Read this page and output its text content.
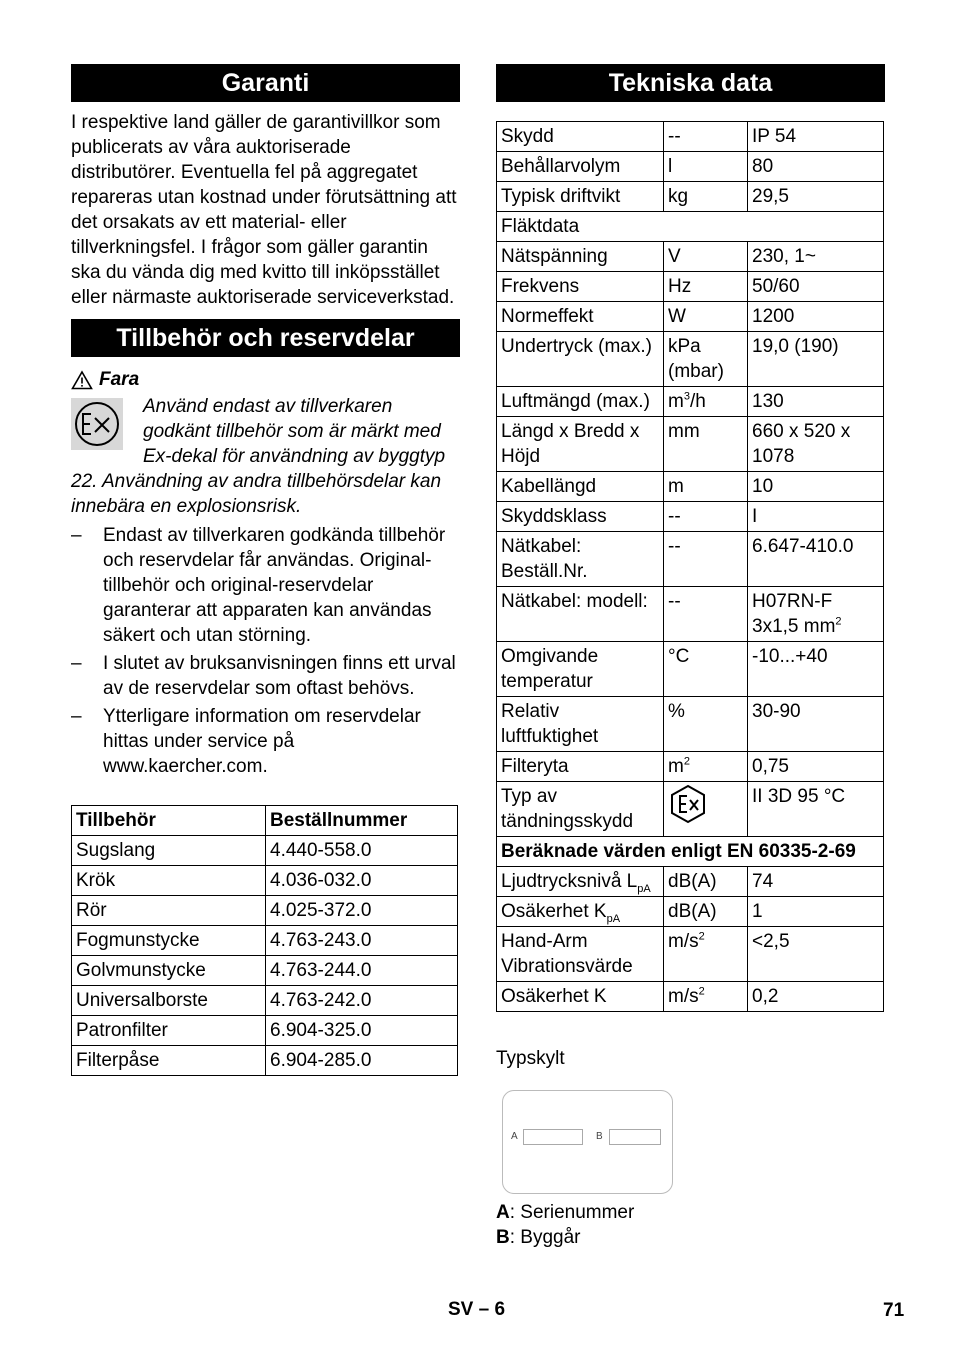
Garanti

I respektive land gäller de garantivillkor som publicerats av våra auktoriserade distributörer. Eventuella fel på aggregatet repareras utan kostnad under förutsättning att det orsakats av ett material- eller tillverkningsfel. I frågor som gäller garantin ska du vända dig med kvitto till inköpsstället eller närmaste auktoriserade serviceverkstad.

Tillbehör och reservdelar
Fara

Använd endast av tillverkaren godkänt tillbehör som är märkt med Ex-dekal för användning av byggtyp

22. Användning av andra tillbehörsdelar kan innebära en explosionsrisk.

– Endast av tillverkaren godkända tillbehör och reservdelar får användas. Original-tillbehör och original-reservdelar garanterar att apparaten kan användas säkert och utan störning.
– I slutet av bruksanvisningen finns ett urval av de reservdelar som oftast behövs.
– Ytterligare information om reservdelar hittas under service på www.kaercher.com.
Tillbehör	Beställnummer
Sugslang	4.440-558.0
Krök	4.036-032.0
Rör	4.025-372.0
Fogmunstycke	4.763-243.0
Golvmunstycke	4.763-244.0
Universalborste	4.763-242.0
Patronfilter	6.904-325.0
Filterpåse	6.904-285.0
Tekniska data
Skydd	--	IP 54
Behållarvolym	l	80
Typisk driftvikt	kg	29,5
Fläktdata		
Nätspänning	V	230, 1~
Frekvens	Hz	50/60
Normeffekt	W	1200
Undertryck (max.)	kPa (mbar)	19,0 (190)
Luftmängd (max.)	$m^3/h$	130
Längd x Bredd x Höjd	mm	660 x 520 x 1078
Kabellängd	m	10
Skyddsklass	--	I
Nätkabel: Beställ.Nr.	--	6.647-410.0
Nätkabel: modell:	--	H07RN-F 3x1,5 $mm^2$
Omgivande temperatur	°C	-10...+40
Relativ luftfuktighet	%	30-90
Filteryta	$m^2$	0,75
Typ av tändningsskydd		II 3D 95 °C
Beräknade värden enligt EN 60335-2-69		
Ljudtrycksnivå $L_{pA}$	dB(A)	74
Osäkerhet $K_{pA}$	dB(A)	1
Hand-Arm Vibrationsvärde	$m/s^2$	<2,5
Osäkerhet K	$m/s^2$	0,2

Typskylt

A	B

A: Serienummer

B: Byggår

SV – 6	71
